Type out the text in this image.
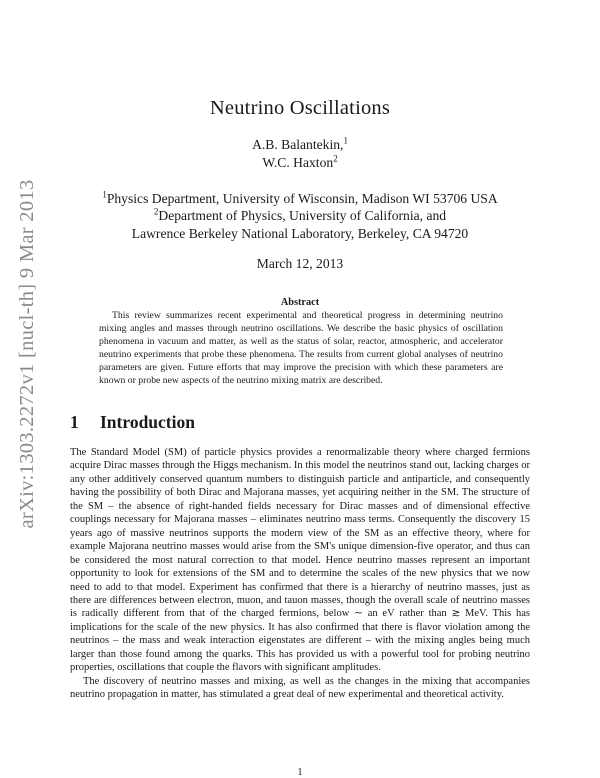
arXiv:1303.2272v1 [nucl-th] 9 Mar 2013
Neutrino Oscillations
A.B. Balantekin,$^1$
W.C. Haxton$^2$
$^1$Physics Department, University of Wisconsin, Madison WI 53706 USA
$^2$Department of Physics, University of California, and
Lawrence Berkeley National Laboratory, Berkeley, CA 94720
March 12, 2013
Abstract
This review summarizes recent experimental and theoretical progress in determining neutrino mixing angles and masses through neutrino oscillations. We describe the basic physics of oscillation phenomena in vacuum and matter, as well as the status of solar, reactor, atmospheric, and accelerator neutrino experiments that probe these phenomena. The results from current global analyses of neutrino parameters are given. Future efforts that may improve the precision with which these parameters are known or probe new aspects of the neutrino mixing matrix are described.
1 Introduction

The Standard Model (SM) of particle physics provides a renormalizable theory where charged fermions acquire Dirac masses through the Higgs mechanism. In this model the neutrinos stand out, lacking charges or any other additively conserved quantum numbers to distinguish particle and antiparticle, and consequently having the possibility of both Dirac and Majorana masses, yet acquiring neither in the SM. The structure of the SM – the absence of right-handed fields necessary for Dirac masses and of dimensional effective couplings necessary for Majorana masses – eliminates neutrino mass terms. Consequently the discovery 15 years ago of massive neutrinos supports the modern view of the SM as an effective theory, where for example Majorana neutrino masses would arise from the SM's unique dimension-five operator, and thus can be considered the most natural correction to that model. Hence neutrino masses represent an important opportunity to look for extensions of the SM and to determine the scales of the new physics that we now need to add to that model. Experiment has confirmed that there is a hierarchy of neutrino masses, just as there are differences between electron, muon, and tauon masses, though the overall scale of neutrino masses is radically different from that of the charged fermions, below ∼ an eV rather than ≳ MeV. This has implications for the scale of the new physics. It has also confirmed that there is flavor violation among the neutrinos – the mass and weak interaction eigenstates are different – with the mixing angles being much larger than those found among the quarks. This has provided us with a powerful tool for probing neutrino properties, oscillations that couple the flavors with significant amplitudes.

The discovery of neutrino masses and mixing, as well as the changes in the mixing that accompanies neutrino propagation in matter, has stimulated a great deal of new experimental and theoretical activity.

1
